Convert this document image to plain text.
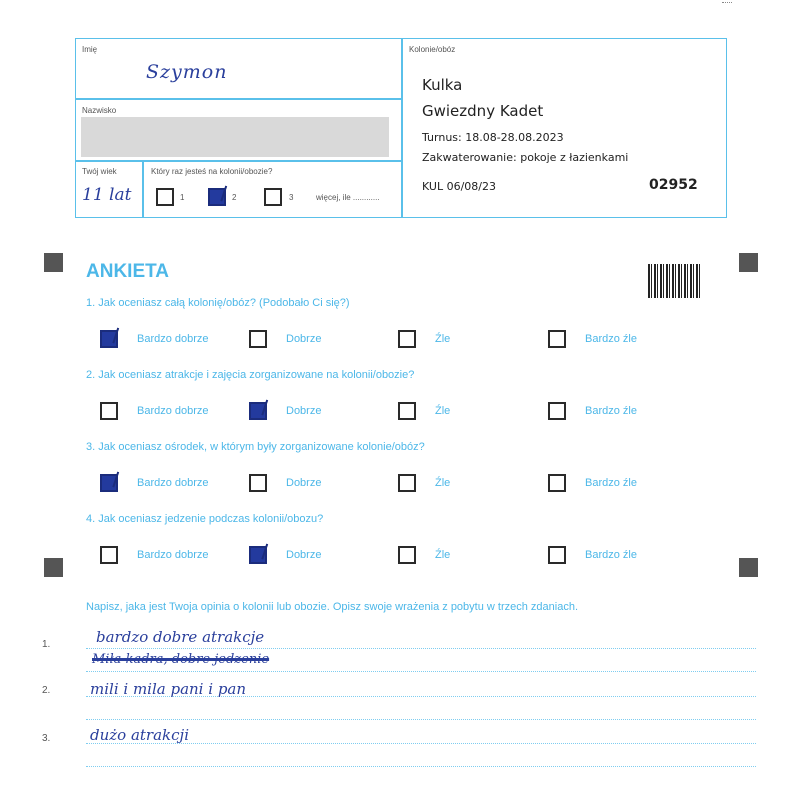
Imię
Szymon
Nazwisko
Twój wiek
11 lat
Który raz jesteś na kolonii/obozie?
1	2	3	więcej, ile ............
Kolonie/obóz
Kulka
Gwiezdny Kadet
Turnus: 18.08-28.08.2023
Zakwaterowanie: pokoje z łazienkami
KUL 06/08/23	02952
ANKIETA
1. Jak oceniasz całą kolonię/obóz? (Podobało Ci się?)
Bardzo dobrze	Dobrze	Źle	Bardzo źle
2. Jak oceniasz atrakcje i zajęcia zorganizowane na kolonii/obozie?
Bardzo dobrze	Dobrze	Źle	Bardzo źle
3. Jak oceniasz ośrodek, w którym były zorganizowane kolonie/obóz?
Bardzo dobrze	Dobrze	Źle	Bardzo źle
4. Jak oceniasz jedzenie podczas kolonii/obozu?
Bardzo dobrze	Dobrze	Źle	Bardzo źle
Napisz, jaka jest Twoja opinia o kolonii lub obozie. Opisz swoje wrażenia z pobytu w trzech zdaniach.
1.
2.
3.
bardzo dobre atrakcje
Miła kadra, dobre jedzenie
mili i mila pani i pan
dużo atrakcji
